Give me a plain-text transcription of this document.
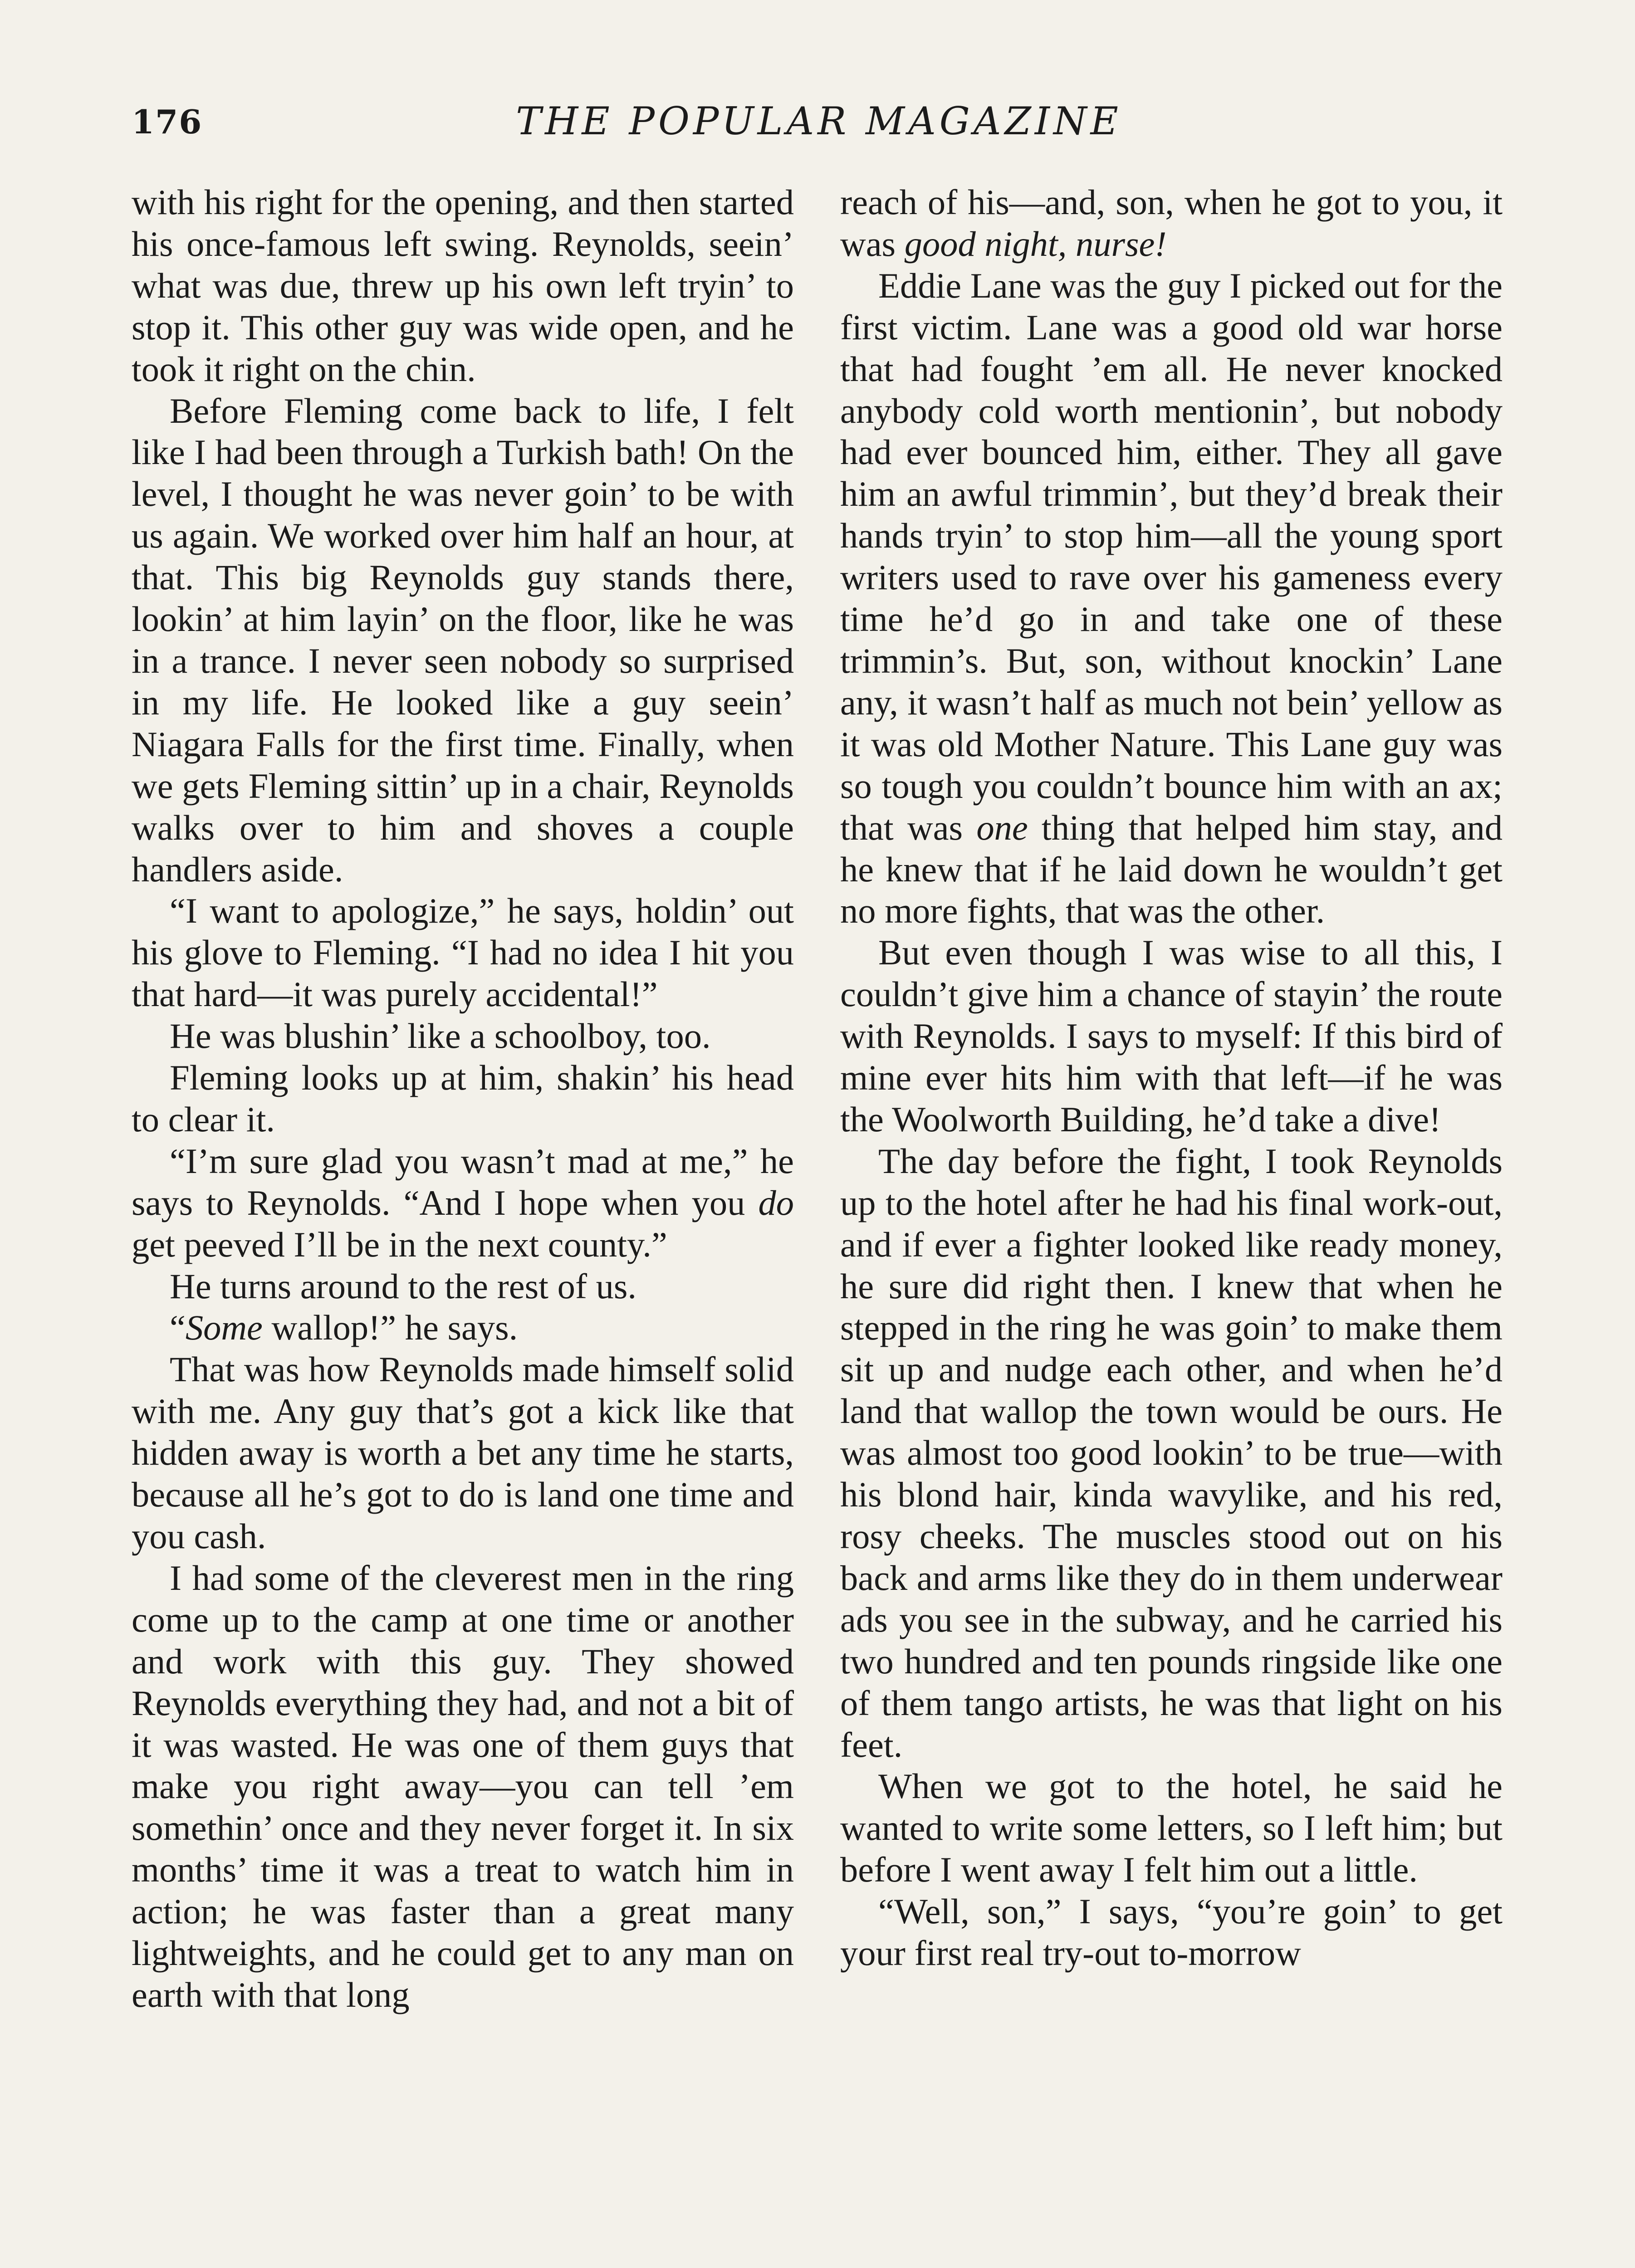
176	THE POPULAR MAGAZINE

with his right for the opening, and then started his once-famous left swing. Reynolds, seein’ what was due, threw up his own left tryin’ to stop it. This other guy was wide open, and he took it right on the chin.

Before Fleming come back to life, I felt like I had been through a Turkish bath! On the level, I thought he was never goin’ to be with us again. We worked over him half an hour, at that. This big Reynolds guy stands there, lookin’ at him layin’ on the floor, like he was in a trance. I never seen nobody so surprised in my life. He looked like a guy seein’ Niagara Falls for the first time. Finally, when we gets Fleming sittin’ up in a chair, Reynolds walks over to him and shoves a couple handlers aside.

“I want to apologize,” he says, holdin’ out his glove to Fleming. “I had no idea I hit you that hard—it was purely accidental!”

He was blushin’ like a schoolboy, too.

Fleming looks up at him, shakin’ his head to clear it.

“I’m sure glad you wasn’t mad at me,” he says to Reynolds. “And I hope when you do get peeved I’ll be in the next county.”

He turns around to the rest of us.

“Some wallop!” he says.

That was how Reynolds made himself solid with me. Any guy that’s got a kick like that hidden away is worth a bet any time he starts, because all he’s got to do is land one time and you cash.

I had some of the cleverest men in the ring come up to the camp at one time or another and work with this guy. They showed Reynolds everything they had, and not a bit of it was wasted. He was one of them guys that make you right away—you can tell ’em somethin’ once and they never forget it. In six months’ time it was a treat to watch him in action; he was faster than a great many lightweights, and he could get to any man on earth with that long

reach of his—and, son, when he got to you, it was good night, nurse!

Eddie Lane was the guy I picked out for the first victim. Lane was a good old war horse that had fought ’em all. He never knocked anybody cold worth mentionin’, but nobody had ever bounced him, either. They all gave him an awful trimmin’, but they’d break their hands tryin’ to stop him—all the young sport writers used to rave over his gameness every time he’d go in and take one of these trimmin’s. But, son, without knockin’ Lane any, it wasn’t half as much not bein’ yellow as it was old Mother Nature. This Lane guy was so tough you couldn’t bounce him with an ax; that was one thing that helped him stay, and he knew that if he laid down he wouldn’t get no more fights, that was the other.

But even though I was wise to all this, I couldn’t give him a chance of stayin’ the route with Reynolds. I says to myself: If this bird of mine ever hits him with that left—if he was the Woolworth Building, he’d take a dive!

The day before the fight, I took Reynolds up to the hotel after he had his final work-out, and if ever a fighter looked like ready money, he sure did right then. I knew that when he stepped in the ring he was goin’ to make them sit up and nudge each other, and when he’d land that wallop the town would be ours. He was almost too good lookin’ to be true—with his blond hair, kinda wavylike, and his red, rosy cheeks. The muscles stood out on his back and arms like they do in them underwear ads you see in the subway, and he carried his two hundred and ten pounds ringside like one of them tango artists, he was that light on his feet.

When we got to the hotel, he said he wanted to write some letters, so I left him; but before I went away I felt him out a little.

“Well, son,” I says, “you’re goin’ to get your first real try-out to-morrow
